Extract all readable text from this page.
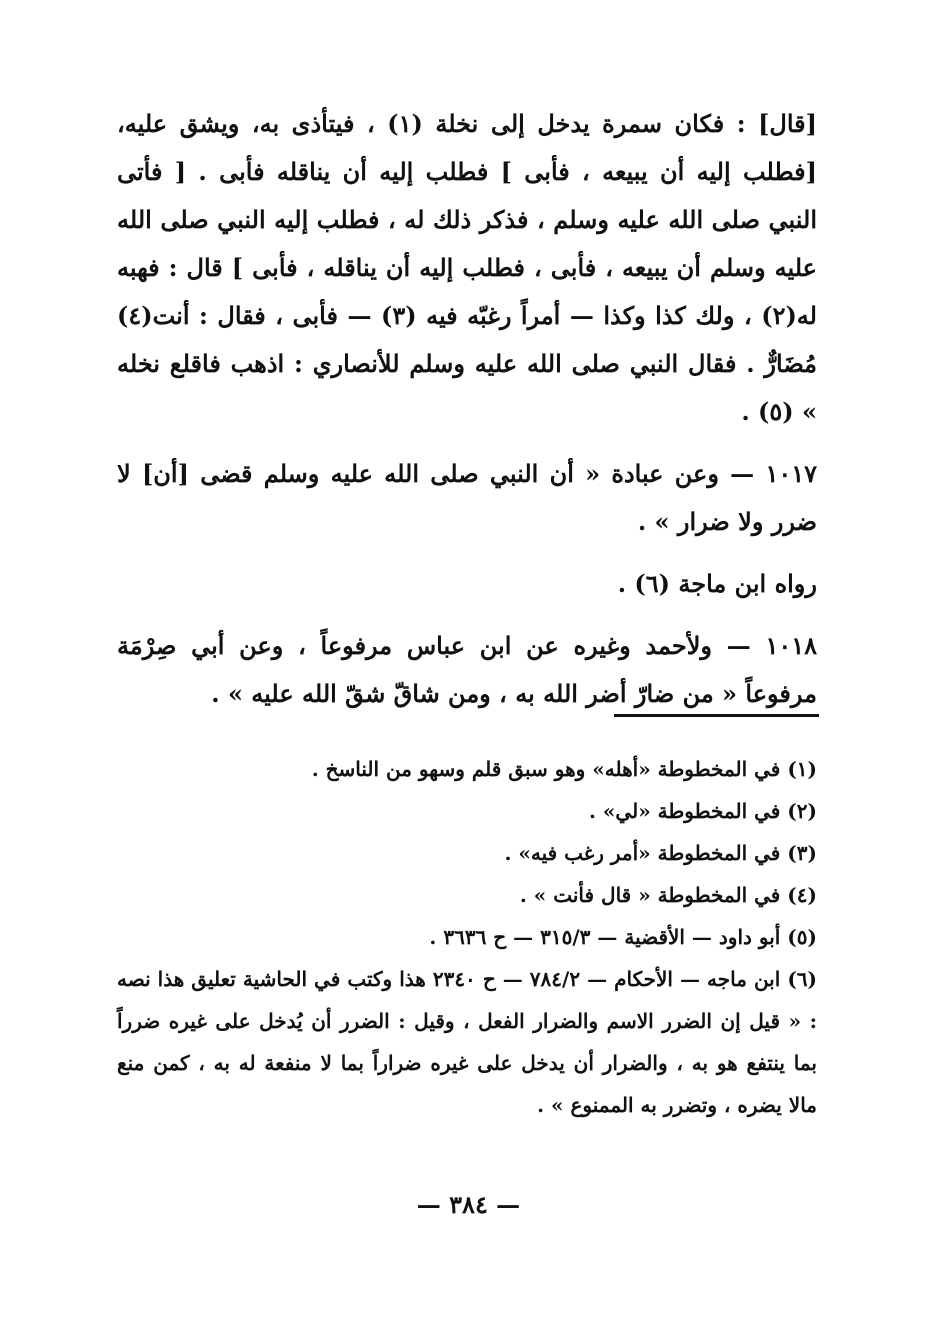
[قال] : فكان سمرة يدخل إلى نخلة (١) ، فيتأذى به، ويشق عليه، [فطلب إليه أن يبيعه ، فأبى ] فطلب إليه أن يناقله فأبى . [ فأتى النبي صلى الله عليه وسلم ، فذكر ذلك له ، فطلب إليه النبي صلى الله عليه وسلم أن يبيعه ، فأبى ، فطلب إليه أن يناقله ، فأبى ] قال : فهبه له(٢) ، ولك كذا وكذا — أمراً رغبّه فيه (٣) — فأبى ، فقال : أنت(٤) مُضَارٌّ . فقال النبي صلى الله عليه وسلم للأنصاري : اذهب فاقلع نخله » (٥) .

١٠١٧ — وعن عبادة « أن النبي صلى الله عليه وسلم قضى [أن] لا ضرر ولا ضرار » .

رواه ابن ماجة (٦) .

١٠١٨ — ولأحمد وغيره عن ابن عباس مرفوعاً ، وعن أبي صِرْمَة مرفوعاً « من ضارّ أضر الله به ، ومن شاقّ شقّ الله عليه » .

(١) في المخطوطة «أهله» وهو سبق قلم وسهو من الناسخ .

(٢) في المخطوطة «لي» .

(٣) في المخطوطة «أمر رغب فيه» .

(٤) في المخطوطة « قال فأنت » .

(٥) أبو داود — الأقضية — ٣١٥/٣ — ح ٣٦٣٦ .

(٦) ابن ماجه — الأحكام — ٧٨٤/٢ — ح ٢٣٤٠ هذا وكتب في الحاشية تعليق هذا نصه : « قيل إن الضرر الاسم والضرار الفعل ، وقيل : الضرر أن يُدخل على غيره ضرراً بما ينتفع هو به ، والضرار أن يدخل على غيره ضراراً بما لا منفعة له به ، كمن منع مالا يضره ، وتضرر به الممنوع » .

— ٣٨٤ —
